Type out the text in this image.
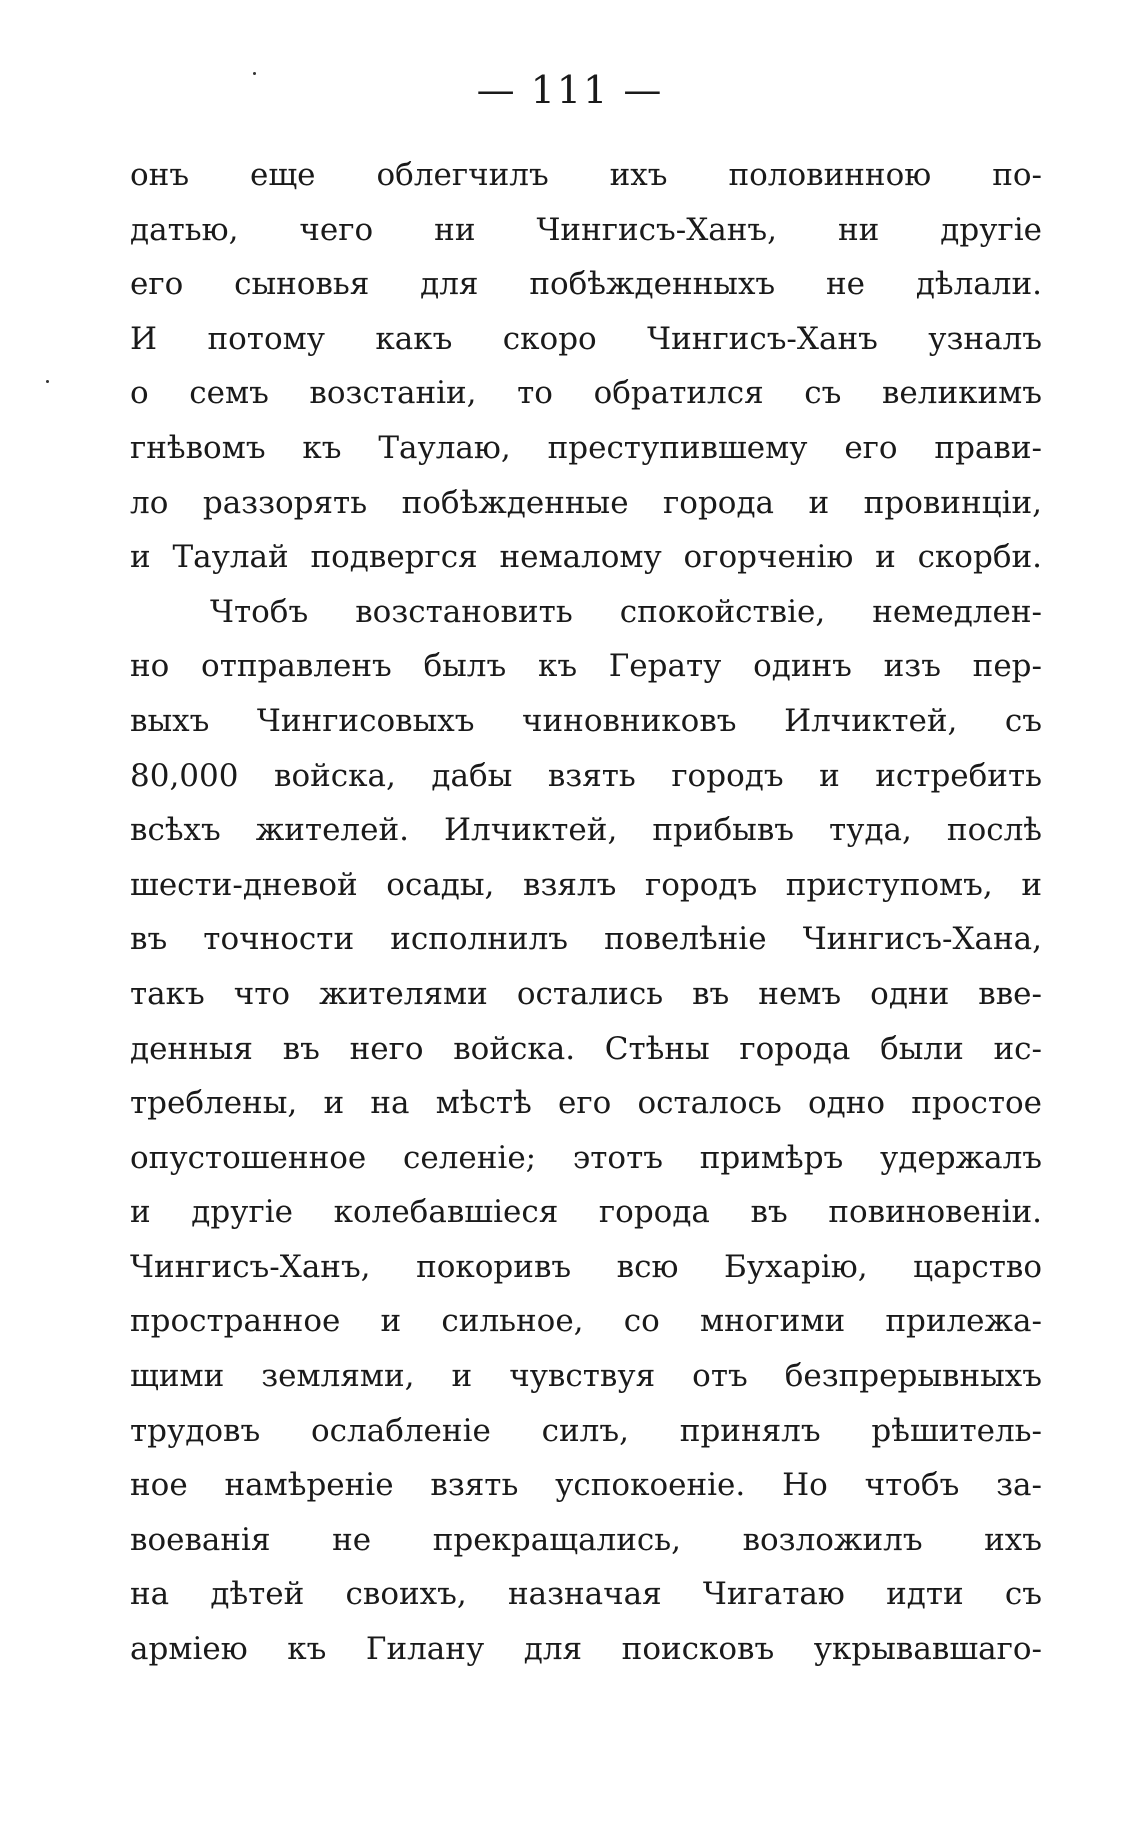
— 111 —
онъ еще облегчилъ ихъ половинною по-
датью, чего ни Чингисъ-Ханъ, ни другіе
его сыновья для побѣжденныхъ не дѣлали.
И потому какъ скоро Чингисъ-Ханъ узналъ
о семъ возстаніи, то обратился съ великимъ
гнѣвомъ къ Таулаю, преступившему его прави-
ло раззорять побѣжденные города и провинціи,
и Таулай подвергся немалому огорченію и скорби.
Чтобъ возстановить спокойствіе, немедлен-
но отправленъ былъ къ Герату одинъ изъ пер-
выхъ Чингисовыхъ чиновниковъ Илчиктей, съ
80,000 войска, дабы взять городъ и истребить
всѣхъ жителей. Илчиктей, прибывъ туда, послѣ
шести-дневой осады, взялъ городъ приступомъ, и
въ точности исполнилъ повелѣніе Чингисъ-Хана,
такъ что жителями остались въ немъ одни вве-
денныя въ него войска. Стѣны города были ис-
треблены, и на мѣстѣ его осталось одно простое
опустошенное селеніе; этотъ примѣръ удержалъ
и другіе колебавшіеся города въ повиновеніи.
Чингисъ-Ханъ, покоривъ всю Бухарію, царство
пространное и сильное, со многими прилежа-
щими землями, и чувствуя отъ безпрерывныхъ
трудовъ ослабленіе силъ, принялъ рѣшитель-
ное намѣреніе взять успокоеніе. Но чтобъ за-
воеванія не прекращались, возложилъ ихъ
на дѣтей своихъ, назначая Чигатаю идти съ
арміею къ Гилану для поисковъ укрывавшаго-
